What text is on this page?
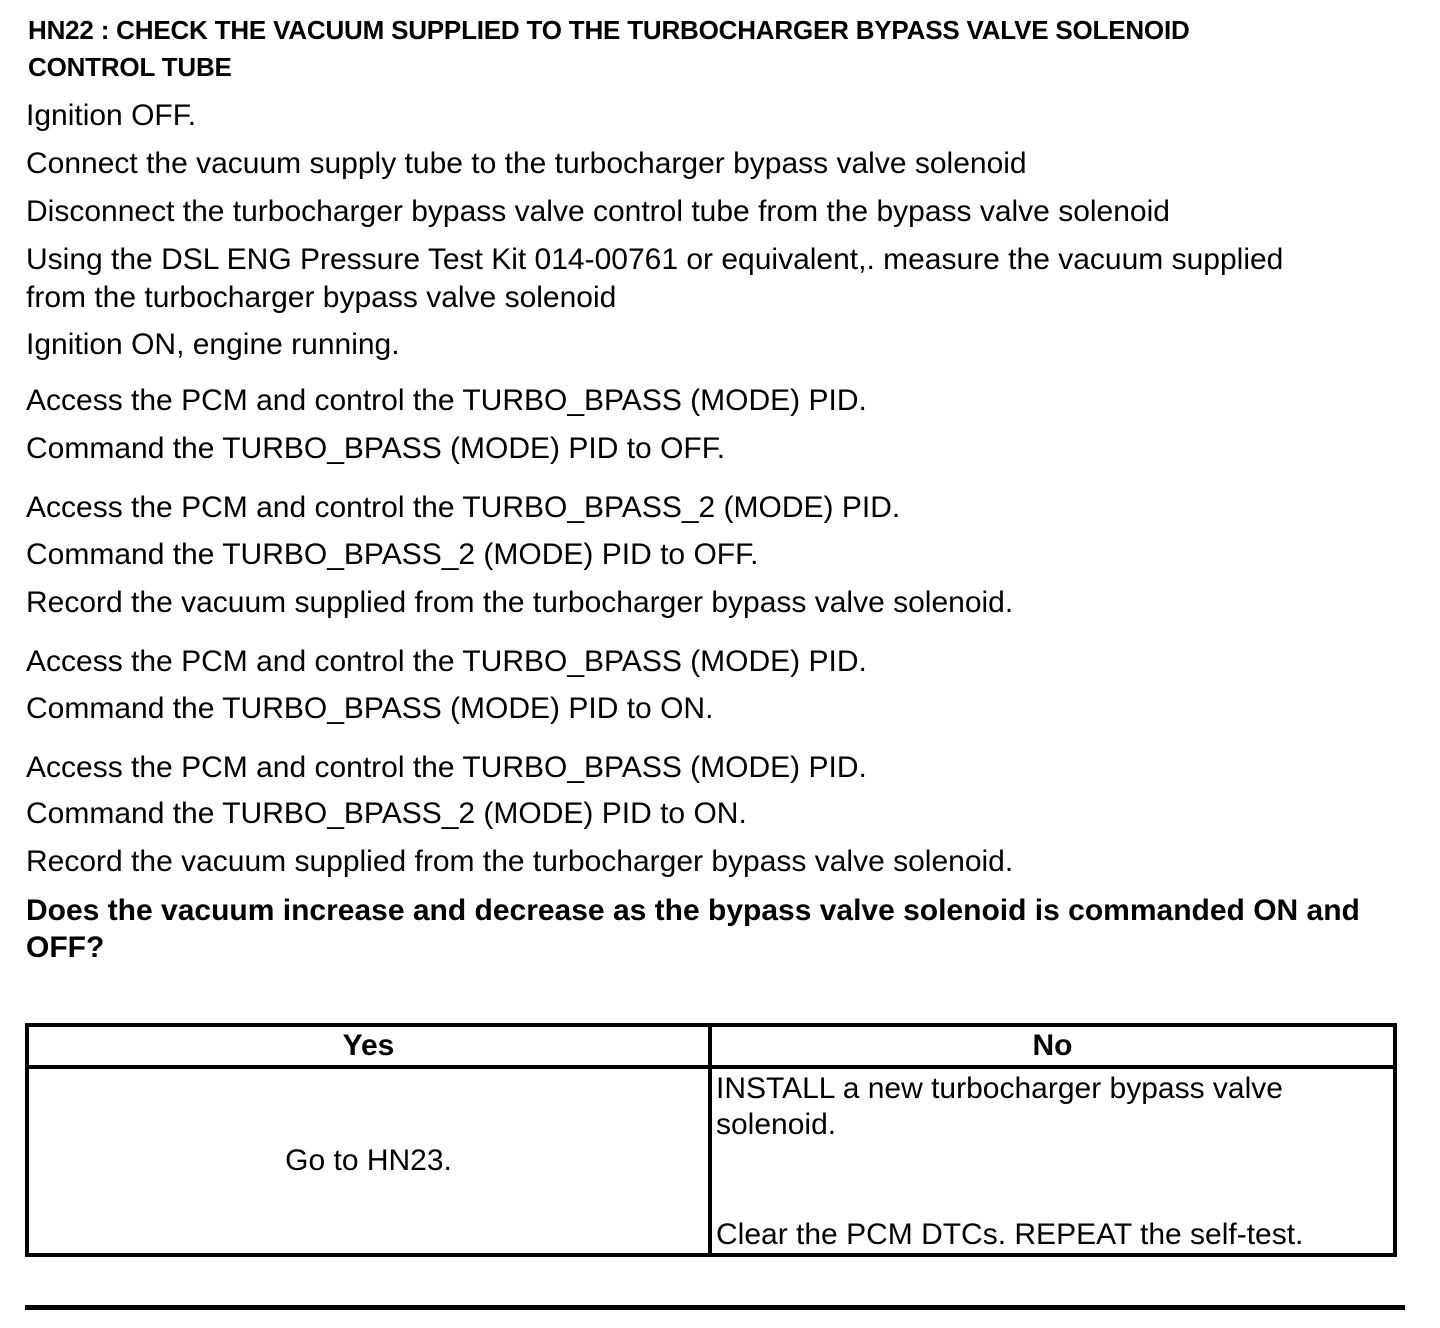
HN22 : CHECK THE VACUUM SUPPLIED TO THE TURBOCHARGER BYPASS VALVE SOLENOID
CONTROL TUBE
Ignition OFF.
Connect the vacuum supply tube to the turbocharger bypass valve solenoid
Disconnect the turbocharger bypass valve control tube from the bypass valve solenoid
Using the DSL ENG Pressure Test Kit 014-00761 or equivalent,. measure the vacuum supplied from the turbocharger bypass valve solenoid
Ignition ON, engine running.
Access the PCM and control the TURBO_BPASS (MODE) PID.
Command the TURBO_BPASS (MODE) PID to OFF.
Access the PCM and control the TURBO_BPASS_2 (MODE) PID.
Command the TURBO_BPASS_2 (MODE) PID to OFF.
Record the vacuum supplied from the turbocharger bypass valve solenoid.
Access the PCM and control the TURBO_BPASS (MODE) PID.
Command the TURBO_BPASS (MODE) PID to ON.
Access the PCM and control the TURBO_BPASS (MODE) PID.
Command the TURBO_BPASS_2 (MODE) PID to ON.
Record the vacuum supplied from the turbocharger bypass valve solenoid.
Does the vacuum increase and decrease as the bypass valve solenoid is commanded ON and OFF?
Yes	No
Go to HN23.	INSTALL a new turbocharger bypass valve solenoid.
Clear the PCM DTCs. REPEAT the self-test.
